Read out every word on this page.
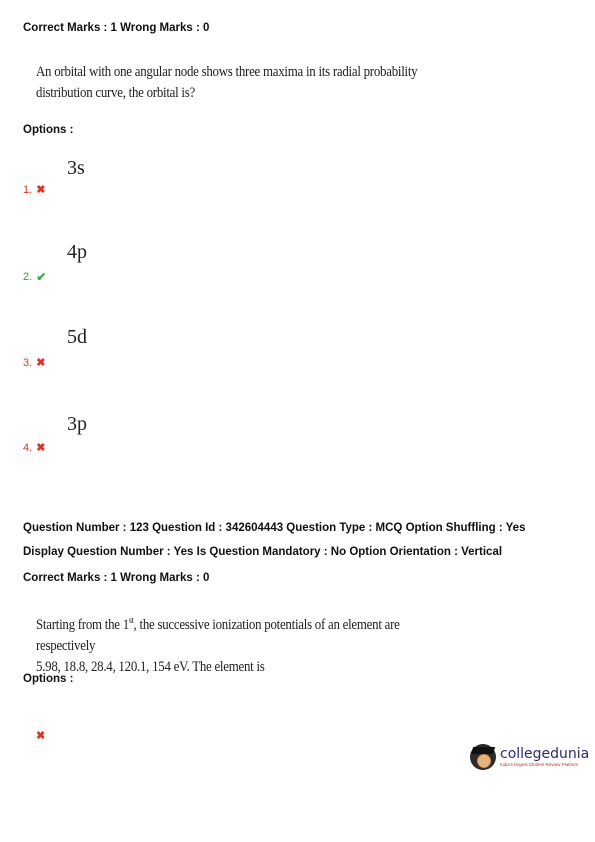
Correct Marks : 1 Wrong Marks : 0
An orbital with one angular node shows three maxima in its radial probability
distribution curve, the orbital is?
Options :
3s
1. ✖
4p
2. ✔
5d
3. ✖
3p
4. ✖
Question Number : 123 Question Id : 342604443 Question Type : MCQ Option Shuffling : Yes
Display Question Number : Yes Is Question Mandatory : No Option Orientation : Vertical
Correct Marks : 1 Wrong Marks : 0
Starting from the 1st, the successive ionization potentials of an element are respectively
5.98, 18.8, 28.4, 120.1, 154 eV. The element is
Options :
✖
collegedunia
India's largest Student Review Platform
